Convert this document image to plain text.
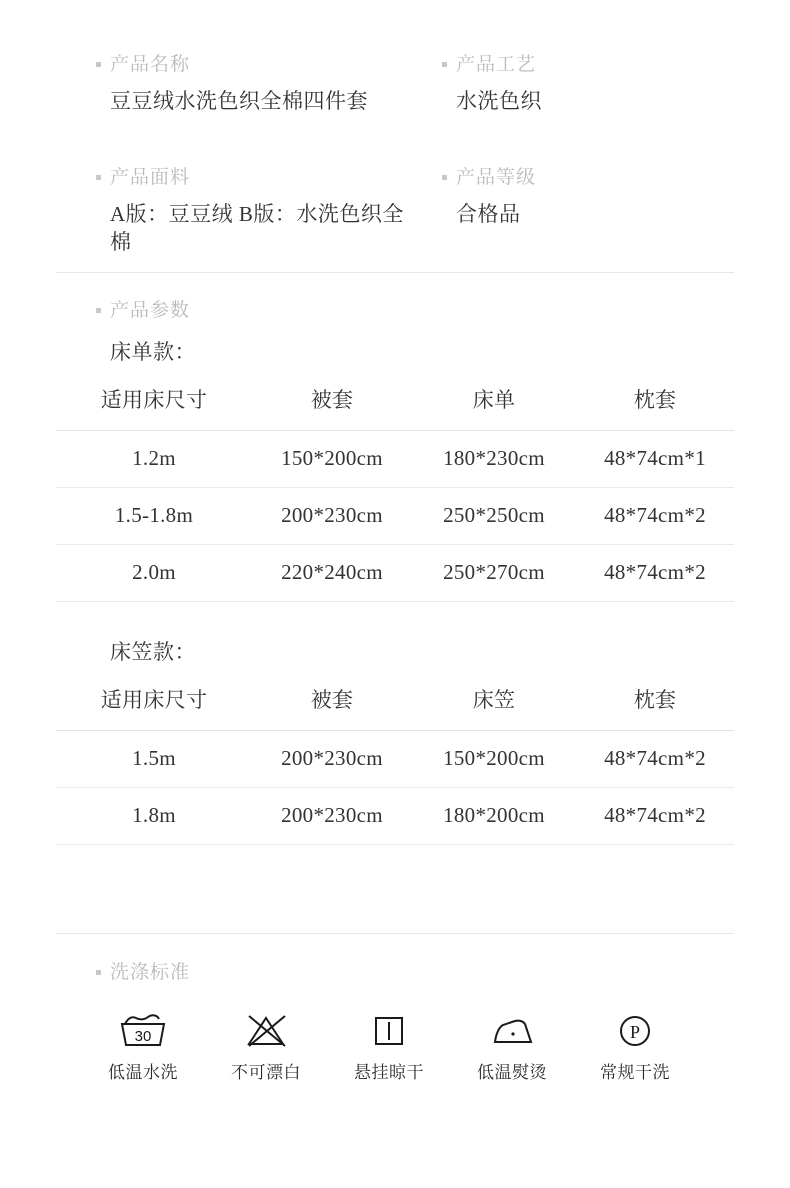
产品名称
豆豆绒水洗色织全棉四件套
产品工艺
水洗色织
产品面料
A版：豆豆绒 B版：水洗色织全棉
产品等级
合格品
产品参数
床单款：
适用床尺寸	被套	床单	枕套
1.2m	150*200cm	180*230cm	48*74cm*1
1.5-1.8m	200*230cm	250*250cm	48*74cm*2
2.0m	220*240cm	250*270cm	48*74cm*2
床笠款：
适用床尺寸	被套	床笠	枕套
1.5m	200*230cm	150*200cm	48*74cm*2
1.8m	200*230cm	180*200cm	48*74cm*2
洗涤标准
30
低温水洗	不可漂白	悬挂晾干	低温熨烫
P
常规干洗
